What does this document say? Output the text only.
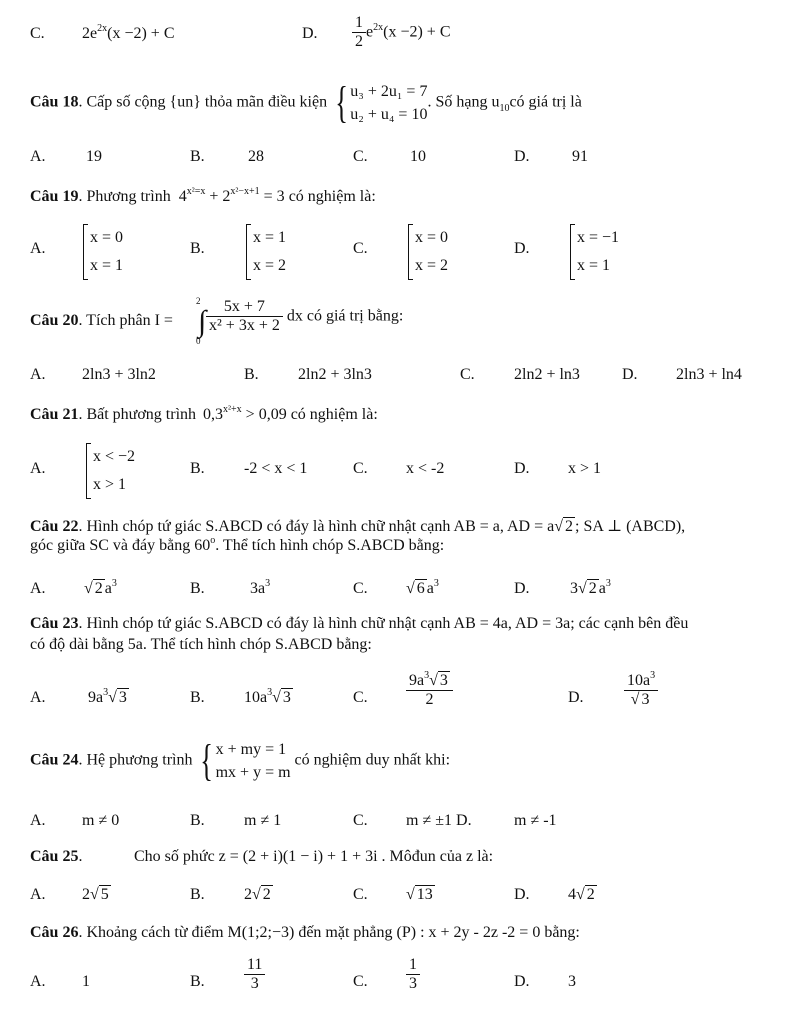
C. $2e^{2x}(x -2) + C$	D. $\frac{1}{2} e^{2x}(x -2) + C$
Câu 18. Cấp số cộng {un} thỏa mãn điều kiện { u₃ + 2u₁ = 7
u₂ + u₄ = 10
. Số hạng $u_{10}có$ giá trị là
A.	19	B.	28	C.	10	D.	91
Câu 19. Phương trình $4^{x^2=x} + 2^{x^2-x+1} = 3$ có nghiệm là:
A.
x = 0
x = 1
B.
x = 1
x = 2
C.
x = 0
x = 2
D.
x = −1
x = 1
Câu 20. Tích phân I =
2
∫
0
$\frac{5x + 7}{\text{x² + 3x + 2}}$ dx có giá trị bằng:
A. 2ln3 + 3ln2	B. 2ln2 + 3ln3	C. 2ln2 + ln3	D. 2ln3 + ln4
Câu 21. Bất phương trình $0,3^{x^2+x} > 0,09$ có nghiệm là:
A.
x < −2
x > 1
B. -2 < x < 1	C. x < -2	D. x > 1
Câu 22. Hình chóp tứ giác S.ABCD có đáy là hình chữ nhật cạnh AB = a, AD = a√ 2 ; SA ⊥ (ABCD),
góc giữa SC và đáy bằng 60$^o$. Thể tích hình chóp S.ABCD bằng:
A. √ 2 $a^3$	B.	$3a^3$	C. √ 6 $a^3$	D.	3√ 2 $a^3$
Câu 23. Hình chóp tứ giác S.ABCD có đáy là hình chữ nhật cạnh AB = 4a, AD = 3a; các cạnh bên đều
có độ dài bằng 5a. Thể tích hình chóp S.ABCD bằng:
A.	$9a^3√$ 3	B. $10a^3√$ 3	C. $\frac{9a^3√ 3}{2}$	D.	$\frac{10a^3}{√ 3}$
Câu 24. Hệ phương trình { x + my = 1
mx + y = m
có nghiệm duy nhất khi:
A. m ≠ 0	B. m ≠ 1	C. m ≠ ±1 D.	m ≠ -1
Câu 25.	Cho số phức z = (2 + i)(1 − i) + 1 + 3i . Môđun của z là:
A. 2√ 5	B. 2√ 2	C. √ 13	D. 4√ 2
Câu 26. Khoảng cách từ điểm M(1;2;−3) đến mặt phẳng (P) : x + 2y - 2z -2 = 0 bằng:
A. 1	B. $\frac{11}{3}$	C. $\frac{1}{3}$	D. 3
